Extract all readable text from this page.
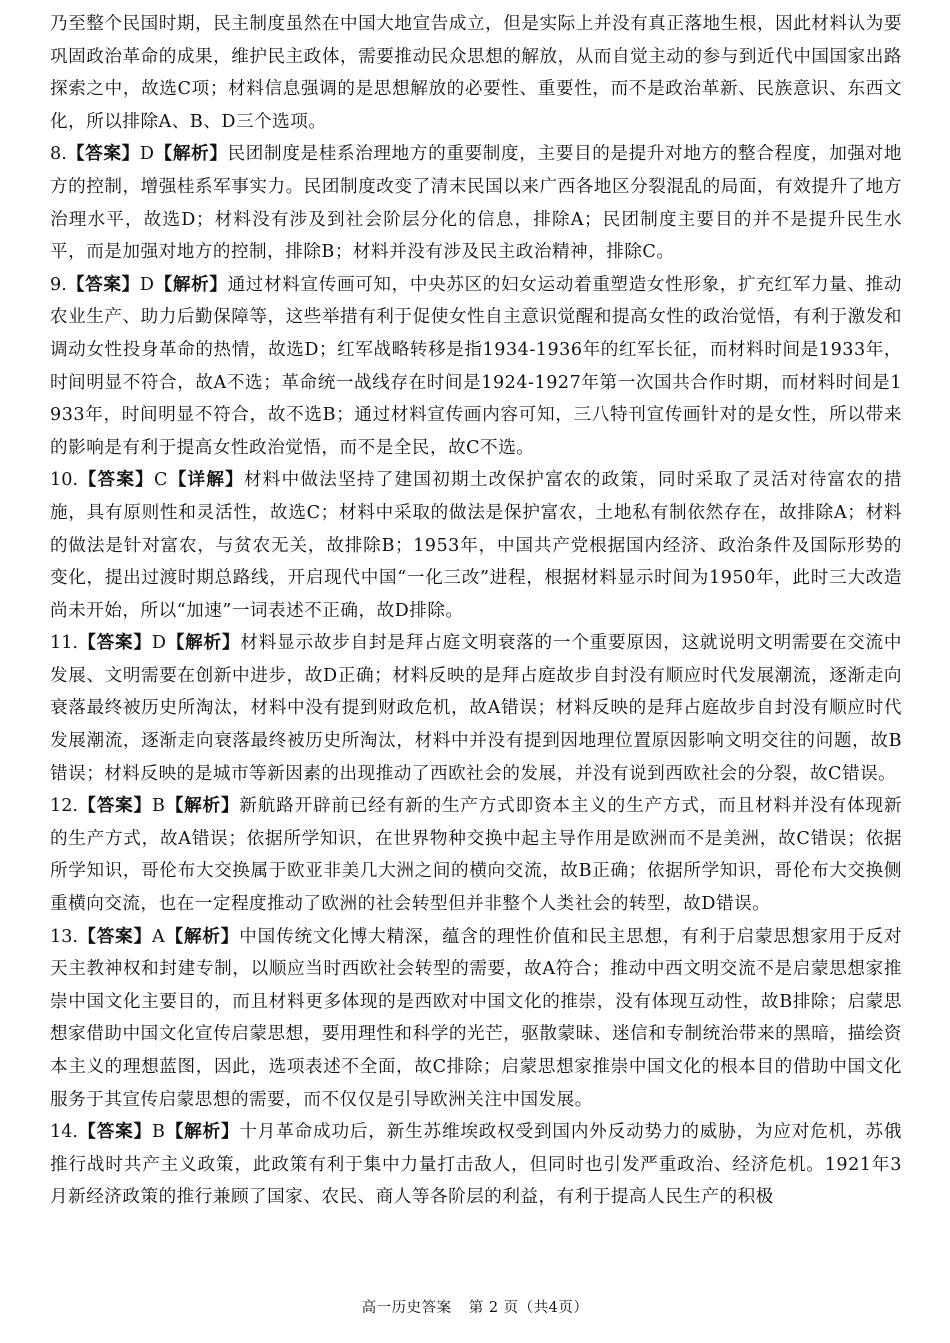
乃至整个民国时期，民主制度虽然在中国大地宣告成立，但是实际上并没有真正落地生根，因此材料认为要巩固政治革命的成果，维护民主政体，需要推动民众思想的解放，从而自觉主动的参与到近代中国国家出路探索之中，故选C项；材料信息强调的是思想解放的必要性、重要性，而不是政治革新、民族意识、东西文化，所以排除A、B、D三个选项。

8.【答案】D【解析】民团制度是桂系治理地方的重要制度，主要目的是提升对地方的整合程度，加强对地方的控制，增强桂系军事实力。民团制度改变了清末民国以来广西各地区分裂混乱的局面，有效提升了地方治理水平，故选D；材料没有涉及到社会阶层分化的信息，排除A；民团制度主要目的并不是提升民生水平，而是加强对地方的控制，排除B；材料并没有涉及民主政治精神，排除C。

9.【答案】D【解析】通过材料宣传画可知，中央苏区的妇女运动着重塑造女性形象，扩充红军力量、推动农业生产、助力后勤保障等，这些举措有利于促使女性自主意识觉醒和提高女性的政治觉悟，有利于激发和调动女性投身革命的热情，故选D；红军战略转移是指1934-1936年的红军长征，而材料时间是1933年，时间明显不符合，故A不选；革命统一战线存在时间是1924-1927年第一次国共合作时期，而材料时间是1933年，时间明显不符合，故不选B；通过材料宣传画内容可知，三八特刊宣传画针对的是女性，所以带来的影响是有利于提高女性政治觉悟，而不是全民，故C不选。

10.【答案】C【详解】材料中做法坚持了建国初期土改保护富农的政策，同时采取了灵活对待富农的措施，具有原则性和灵活性，故选C；材料中采取的做法是保护富农，土地私有制依然存在，故排除A；材料的做法是针对富农，与贫农无关，故排除B；1953年，中国共产党根据国内经济、政治条件及国际形势的变化，提出过渡时期总路线，开启现代中国“一化三改”进程，根据材料显示时间为1950年，此时三大改造尚未开始，所以“加速”一词表述不正确，故D排除。

11.【答案】D【解析】材料显示故步自封是拜占庭文明衰落的一个重要原因，这就说明文明需要在交流中发展、文明需要在创新中进步，故D正确；材料反映的是拜占庭故步自封没有顺应时代发展潮流，逐渐走向衰落最终被历史所淘汰，材料中没有提到财政危机，故A错误；材料反映的是拜占庭故步自封没有顺应时代发展潮流，逐渐走向衰落最终被历史所淘汰，材料中并没有提到因地理位置原因影响文明交往的问题，故B错误；材料反映的是城市等新因素的出现推动了西欧社会的发展，并没有说到西欧社会的分裂，故C错误。

12.【答案】B【解析】新航路开辟前已经有新的生产方式即资本主义的生产方式，而且材料并没有体现新的生产方式，故A错误；依据所学知识，在世界物种交换中起主导作用是欧洲而不是美洲，故C错误；依据所学知识，哥伦布大交换属于欧亚非美几大洲之间的横向交流，故B正确；依据所学知识，哥伦布大交换侧重横向交流，也在一定程度推动了欧洲的社会转型但并非整个人类社会的转型，故D错误。

13.【答案】A【解析】中国传统文化博大精深，蕴含的理性价值和民主思想，有利于启蒙思想家用于反对天主教神权和封建专制，以顺应当时西欧社会转型的需要，故A符合；推动中西文明交流不是启蒙思想家推崇中国文化主要目的，而且材料更多体现的是西欧对中国文化的推崇，没有体现互动性，故B排除；启蒙思想家借助中国文化宣传启蒙思想，要用理性和科学的光芒，驱散蒙昧、迷信和专制统治带来的黑暗，描绘资本主义的理想蓝图，因此，选项表述不全面，故C排除；启蒙思想家推崇中国文化的根本目的借助中国文化服务于其宣传启蒙思想的需要，而不仅仅是引导欧洲关注中国发展。

14.【答案】B【解析】十月革命成功后，新生苏维埃政权受到国内外反动势力的威胁，为应对危机，苏俄推行战时共产主义政策，此政策有利于集中力量打击敌人，但同时也引发严重政治、经济危机。1921年3月新经济政策的推行兼顾了国家、农民、商人等各阶层的利益，有利于提高人民生产的积极

高一历史答案 第 2 页（共4页）
